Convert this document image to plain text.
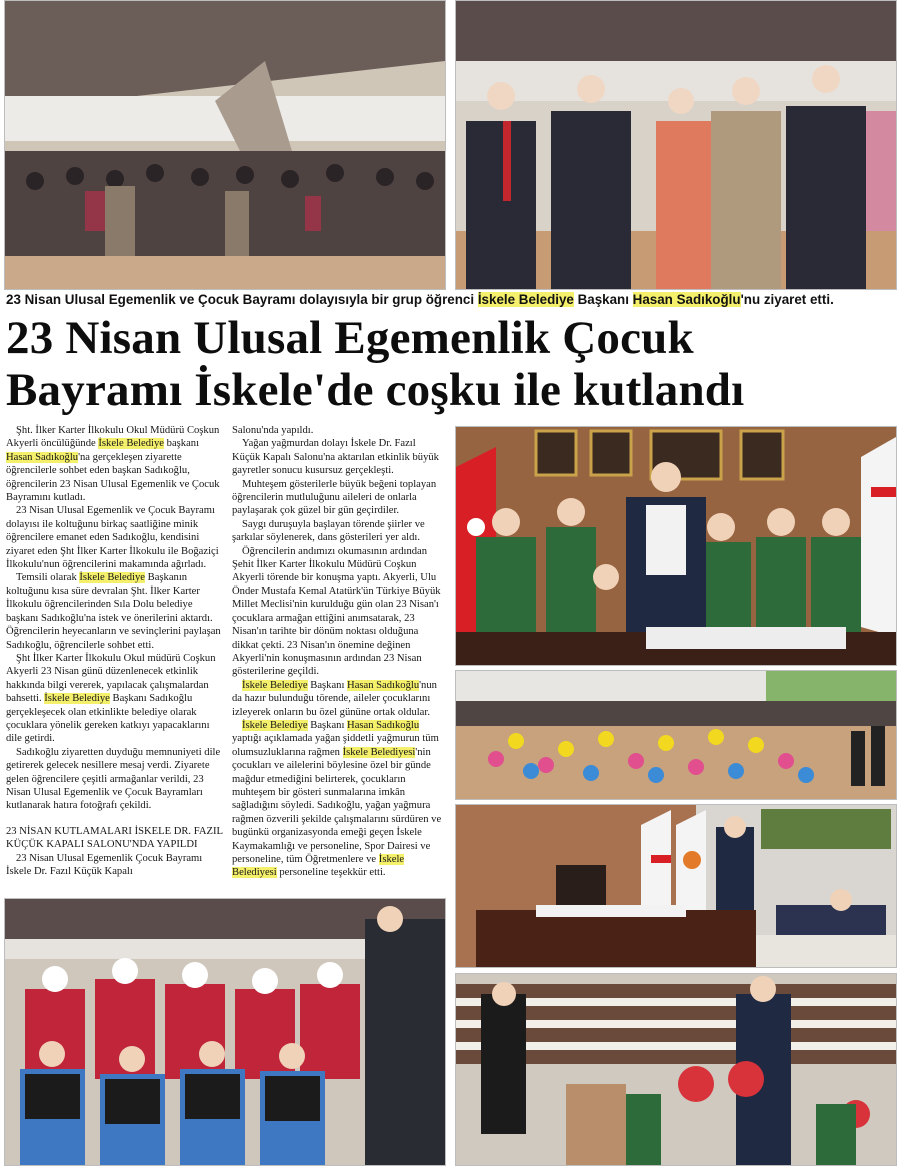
23 Nisan Ulusal Egemenlik ve Çocuk Bayramı dolayısıyla bir grup öğrenci İskele Belediye Başkanı Hasan Sadıkoğlu'nu ziyaret etti.
23 Nisan Ulusal Egemenlik Çocuk
Bayramı İskele'de coşku ile kutlandı

Şht. İlker Karter İlkokulu Okul Müdürü Coşkun Akyerli öncülüğünde İskele Belediye başkanı Hasan Sadıkoğlu'na gerçekleşen ziyarette öğrencilerle sohbet eden başkan Sadıkoğlu, öğrencilerin 23 Nisan Ulusal Egemenlik ve Çocuk Bayramını kutladı.

23 Nisan Ulusal Egemenlik ve Çocuk Bayramı dolayısı ile koltuğunu birkaç saatliğine minik öğrencilere emanet eden Sadıkoğlu, kendisini ziyaret eden Şht İlker Karter İlkokulu ile Boğaziçi İlkokulu'nun öğrencilerini makamında ağırladı.

Temsili olarak İskele Belediye Başkanın koltuğunu kısa süre devralan Şht. İlker Karter İlkokulu öğrencilerinden Sıla Dolu belediye başkanı Sadıkoğlu'na istek ve önerilerini aktardı. Öğrencilerin heyecanların ve sevinçlerini paylaşan Sadıkoğlu, öğrencilerle sohbet etti.

Şht İlker Karter İlkokulu Okul müdürü Coşkun Akyerli 23 Nisan günü düzenlenecek etkinlik hakkında bilgi vererek, yapılacak çalışmalardan bahsetti. İskele Belediye Başkanı Sadıkoğlu gerçekleşecek olan etkinlikte belediye olarak çocuklara yönelik gereken katkıyı yapacaklarını dile getirdi.

Sadıkoğlu ziyaretten duyduğu memnuniyeti dile getirerek gelecek nesillere mesaj verdi. Ziyarete gelen öğrencilere çeşitli armağanlar verildi, 23 Nisan Ulusal Egemenlik ve Çocuk Bayramları kutlanarak hatıra fotoğrafı çekildi.

23 NİSAN KUTLAMALARI İSKELE DR. FAZIL KÜÇÜK KAPALI SALONU'NDA YAPILDI

23 Nisan Ulusal Egemenlik Çocuk Bayramı İskele Dr. Fazıl Küçük Kapalı

Salonu'nda yapıldı.

Yağan yağmurdan dolayı İskele Dr. Fazıl Küçük Kapalı Salonu'na aktarılan etkinlik büyük gayretler sonucu kusursuz gerçekleşti.

Muhteşem gösterilerle büyük beğeni toplayan öğrencilerin mutluluğunu aileleri de onlarla paylaşarak çok güzel bir gün geçirdiler.

Saygı duruşuyla başlayan törende şiirler ve şarkılar söylenerek, dans gösterileri yer aldı.

Öğrencilerin andımızı okumasının ardından Şehit İlker Karter İlkokulu Müdürü Coşkun Akyerli törende bir konuşma yaptı. Akyerli, Ulu Önder Mustafa Kemal Atatürk'ün Türkiye Büyük Millet Meclisi'nin kurulduğu gün olan 23 Nisan'ı çocuklara armağan ettiğini anımsatarak, 23 Nisan'ın tarihte bir dönüm noktası olduğuna dikkat çekti. 23 Nisan'ın önemine değinen Akyerli'nin konuşmasının ardından 23 Nisan gösterilerine geçildi.

İskele Belediye Başkanı Hasan Sadıkoğlu'nun da hazır bulunduğu törende, aileler çocuklarını izleyerek onların bu özel gününe ortak oldular.

İskele Belediye Başkanı Hasan Sadıkoğlu yaptığı açıklamada yağan şiddetli yağmurun tüm olumsuzluklarına rağmen İskele Belediyesi'nin çocukları ve ailelerini böylesine özel bir günde mağdur etmediğini belirterek, çocukların muhteşem bir gösteri sunmalarına imkân sağladığını söyledi. Sadıkoğlu, yağan yağmura rağmen özverili şekilde çalışmalarını sürdüren ve bugünkü organizasyonda emeği geçen İskele Kaymakamlığı ve personeline, Spor Dairesi ve personeline, tüm Öğretmenlere ve İskele Belediyesi personeline teşekkür etti.
